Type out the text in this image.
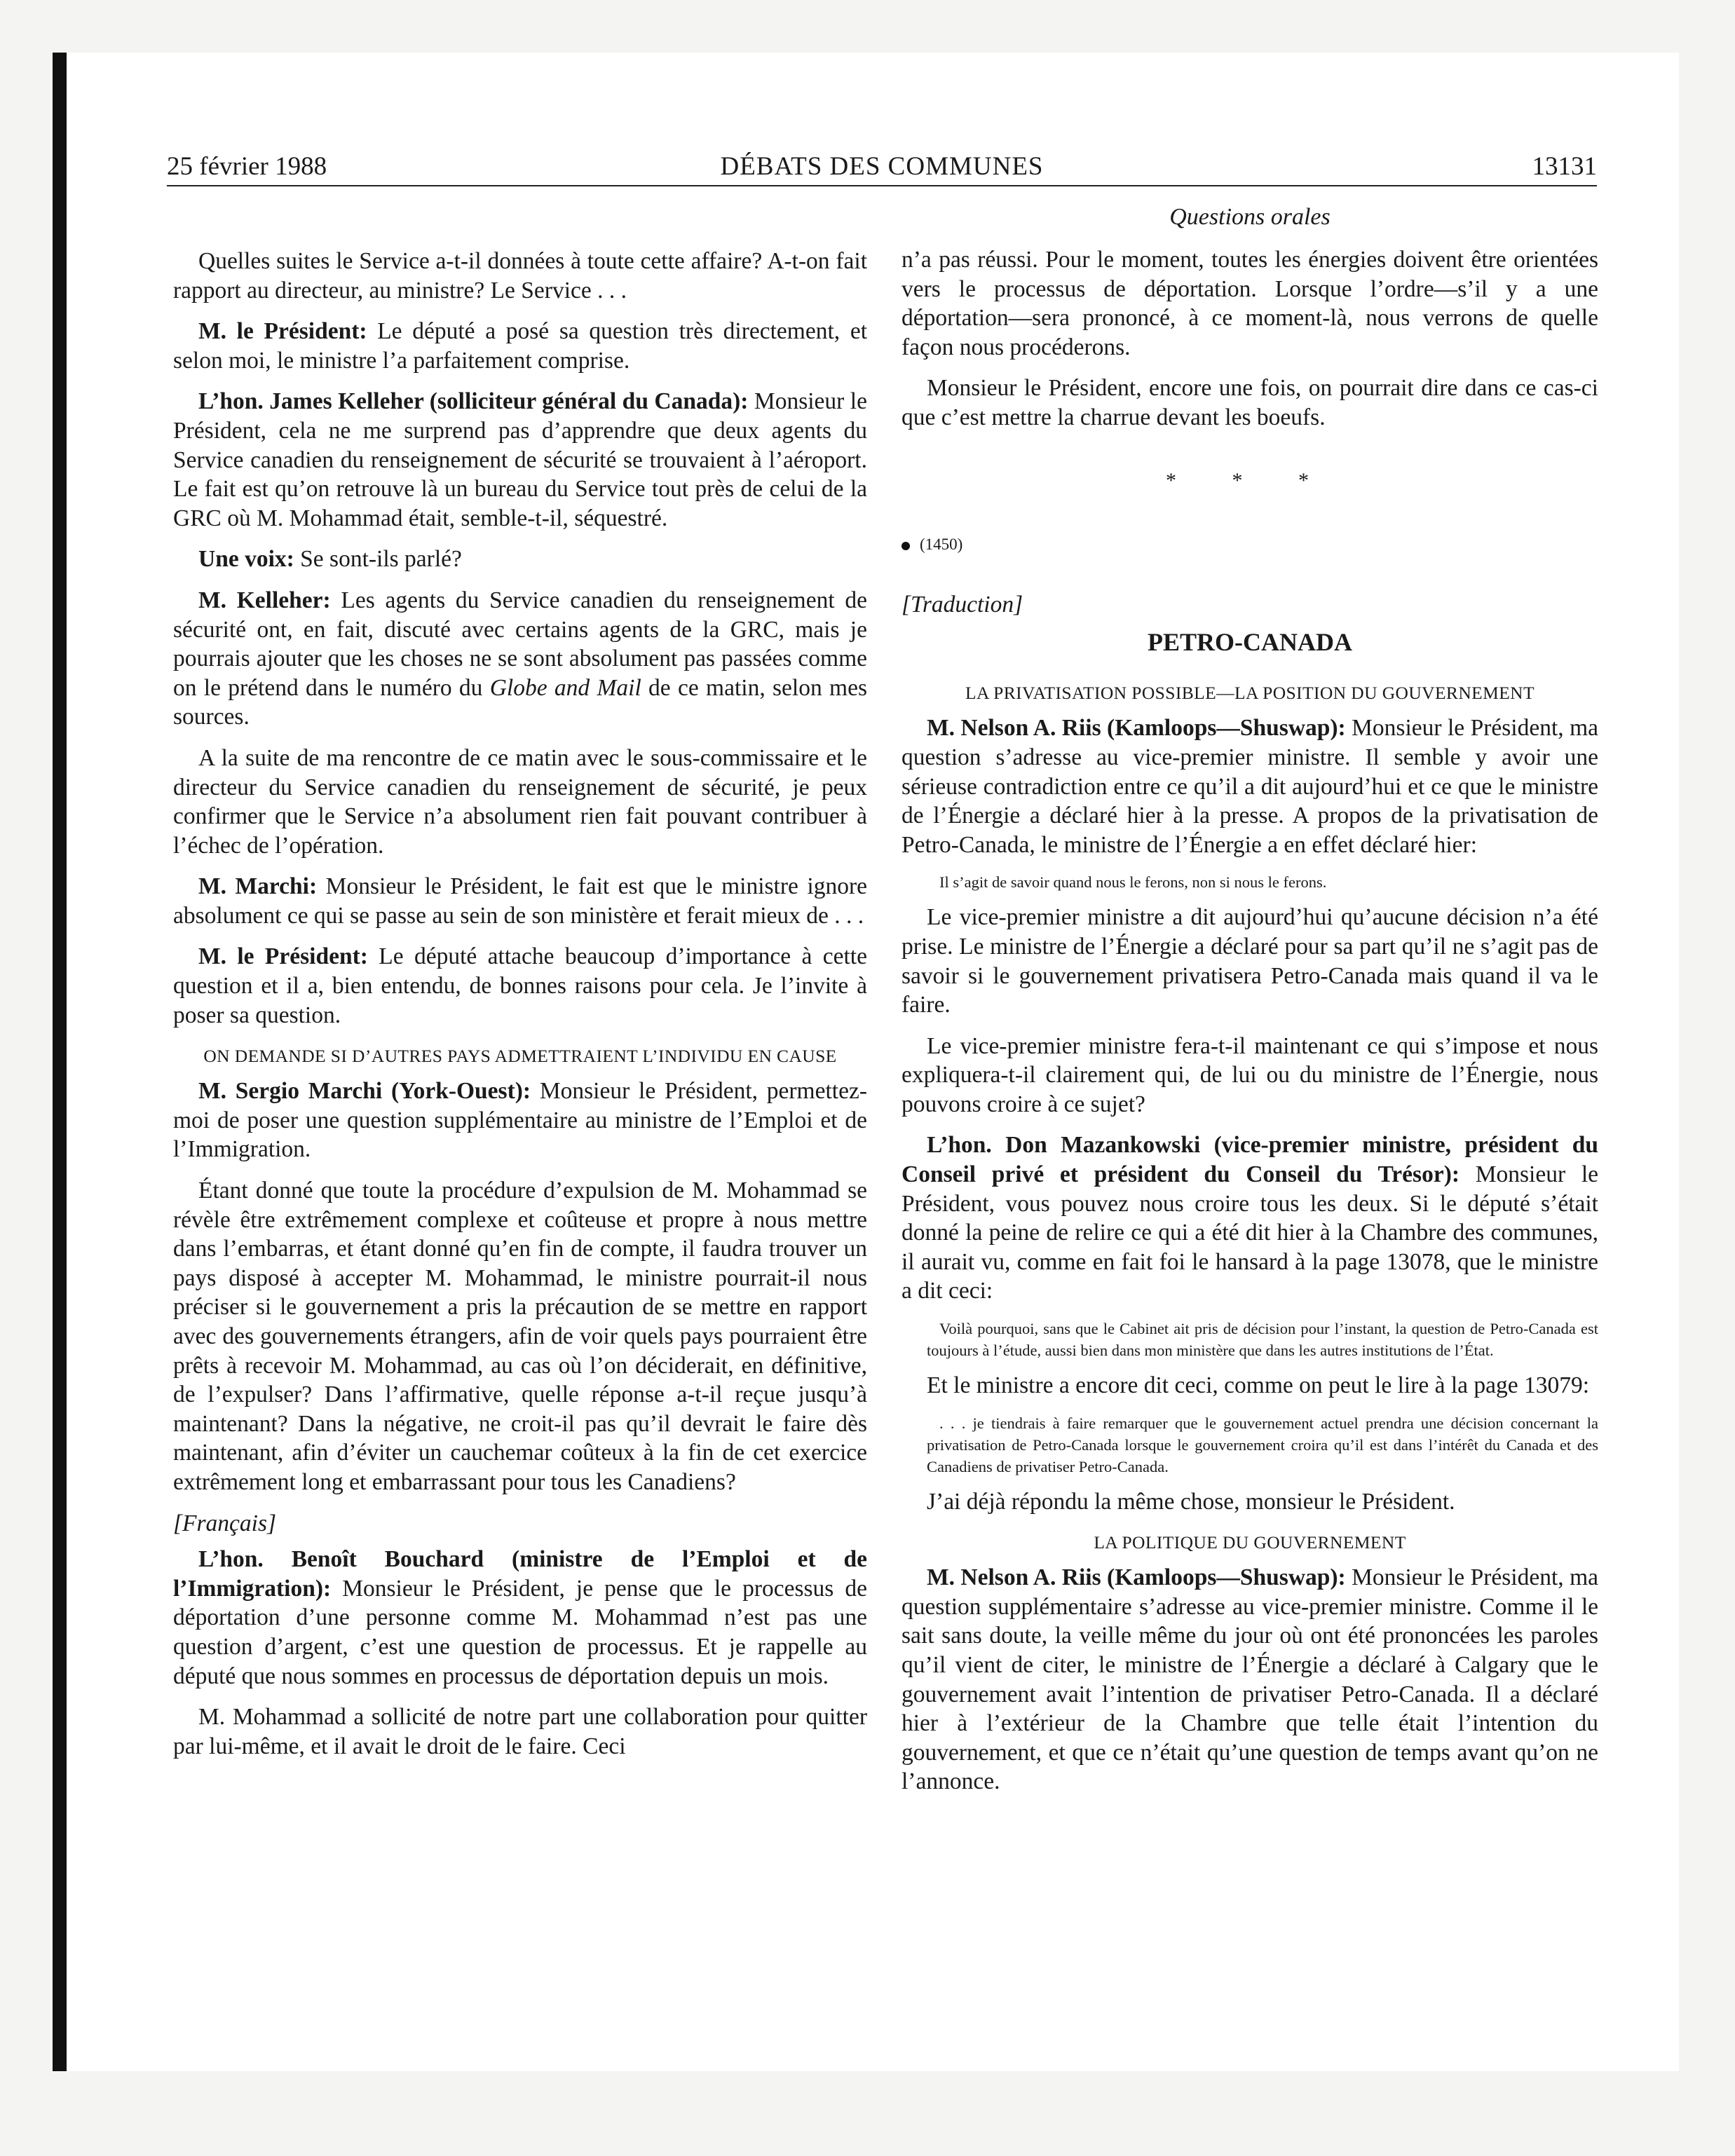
25 février 1988	DÉBATS DES COMMUNES	13131
Questions orales

Quelles suites le Service a-t-il données à toute cette affaire? A-t-on fait rapport au directeur, au ministre? Le Service . . .

M. le Président: Le député a posé sa question très directement, et selon moi, le ministre l’a parfaitement comprise.

L’hon. James Kelleher (solliciteur général du Canada): Monsieur le Président, cela ne me surprend pas d’apprendre que deux agents du Service canadien du renseignement de sécurité se trouvaient à l’aéroport. Le fait est qu’on retrouve là un bureau du Service tout près de celui de la GRC où M. Mohammad était, semble-t-il, séquestré.

Une voix: Se sont-ils parlé?

M. Kelleher: Les agents du Service canadien du renseignement de sécurité ont, en fait, discuté avec certains agents de la GRC, mais je pourrais ajouter que les choses ne se sont absolument pas passées comme on le prétend dans le numéro du Globe and Mail de ce matin, selon mes sources.

A la suite de ma rencontre de ce matin avec le sous-commissaire et le directeur du Service canadien du renseignement de sécurité, je peux confirmer que le Service n’a absolument rien fait pouvant contribuer à l’échec de l’opération.

M. Marchi: Monsieur le Président, le fait est que le ministre ignore absolument ce qui se passe au sein de son ministère et ferait mieux de . . .

M. le Président: Le député attache beaucoup d’importance à cette question et il a, bien entendu, de bonnes raisons pour cela. Je l’invite à poser sa question.

ON DEMANDE SI D’AUTRES PAYS ADMETTRAIENT L’INDIVIDU EN CAUSE

M. Sergio Marchi (York-Ouest): Monsieur le Président, permettez-moi de poser une question supplémentaire au ministre de l’Emploi et de l’Immigration.

Étant donné que toute la procédure d’expulsion de M. Mohammad se révèle être extrêmement complexe et coûteuse et propre à nous mettre dans l’embarras, et étant donné qu’en fin de compte, il faudra trouver un pays disposé à accepter M. Mohammad, le ministre pourrait-il nous préciser si le gouvernement a pris la précaution de se mettre en rapport avec des gouvernements étrangers, afin de voir quels pays pourraient être prêts à recevoir M. Mohammad, au cas où l’on déciderait, en définitive, de l’expulser? Dans l’affirmative, quelle réponse a-t-il reçue jusqu’à maintenant? Dans la négative, ne croit-il pas qu’il devrait le faire dès maintenant, afin d’éviter un cauchemar coûteux à la fin de cet exercice extrêmement long et embarrassant pour tous les Canadiens?

[Français]

L’hon. Benoît Bouchard (ministre de l’Emploi et de l’Immigration): Monsieur le Président, je pense que le processus de déportation d’une personne comme M. Mohammad n’est pas une question d’argent, c’est une question de processus. Et je rappelle au député que nous sommes en processus de déportation depuis un mois.

M. Mohammad a sollicité de notre part une collaboration pour quitter par lui-même, et il avait le droit de le faire. Ceci

n’a pas réussi. Pour le moment, toutes les énergies doivent être orientées vers le processus de déportation. Lorsque l’ordre—s’il y a une déportation—sera prononcé, à ce moment-là, nous verrons de quelle façon nous procéderons.

Monsieur le Président, encore une fois, on pourrait dire dans ce cas-ci que c’est mettre la charrue devant les boeufs.

* * *

(1450)

[Traduction]

PETRO-CANADA

LA PRIVATISATION POSSIBLE—LA POSITION DU GOUVERNEMENT

M. Nelson A. Riis (Kamloops—Shuswap): Monsieur le Président, ma question s’adresse au vice-premier ministre. Il semble y avoir une sérieuse contradiction entre ce qu’il a dit aujourd’hui et ce que le ministre de l’Énergie a déclaré hier à la presse. A propos de la privatisation de Petro-Canada, le ministre de l’Énergie a en effet déclaré hier:

Il s’agit de savoir quand nous le ferons, non si nous le ferons.

Le vice-premier ministre a dit aujourd’hui qu’aucune décision n’a été prise. Le ministre de l’Énergie a déclaré pour sa part qu’il ne s’agit pas de savoir si le gouvernement privatisera Petro-Canada mais quand il va le faire.

Le vice-premier ministre fera-t-il maintenant ce qui s’impose et nous expliquera-t-il clairement qui, de lui ou du ministre de l’Énergie, nous pouvons croire à ce sujet?

L’hon. Don Mazankowski (vice-premier ministre, président du Conseil privé et président du Conseil du Trésor): Monsieur le Président, vous pouvez nous croire tous les deux. Si le député s’était donné la peine de relire ce qui a été dit hier à la Chambre des communes, il aurait vu, comme en fait foi le hansard à la page 13078, que le ministre a dit ceci:

Voilà pourquoi, sans que le Cabinet ait pris de décision pour l’instant, la question de Petro-Canada est toujours à l’étude, aussi bien dans mon ministère que dans les autres institutions de l’État.

Et le ministre a encore dit ceci, comme on peut le lire à la page 13079:

. . . je tiendrais à faire remarquer que le gouvernement actuel prendra une décision concernant la privatisation de Petro-Canada lorsque le gouvernement croira qu’il est dans l’intérêt du Canada et des Canadiens de privatiser Petro-Canada.

J’ai déjà répondu la même chose, monsieur le Président.

LA POLITIQUE DU GOUVERNEMENT

M. Nelson A. Riis (Kamloops—Shuswap): Monsieur le Président, ma question supplémentaire s’adresse au vice-premier ministre. Comme il le sait sans doute, la veille même du jour où ont été prononcées les paroles qu’il vient de citer, le ministre de l’Énergie a déclaré à Calgary que le gouvernement avait l’intention de privatiser Petro-Canada. Il a déclaré hier à l’extérieur de la Chambre que telle était l’intention du gouvernement, et que ce n’était qu’une question de temps avant qu’on ne l’annonce.
